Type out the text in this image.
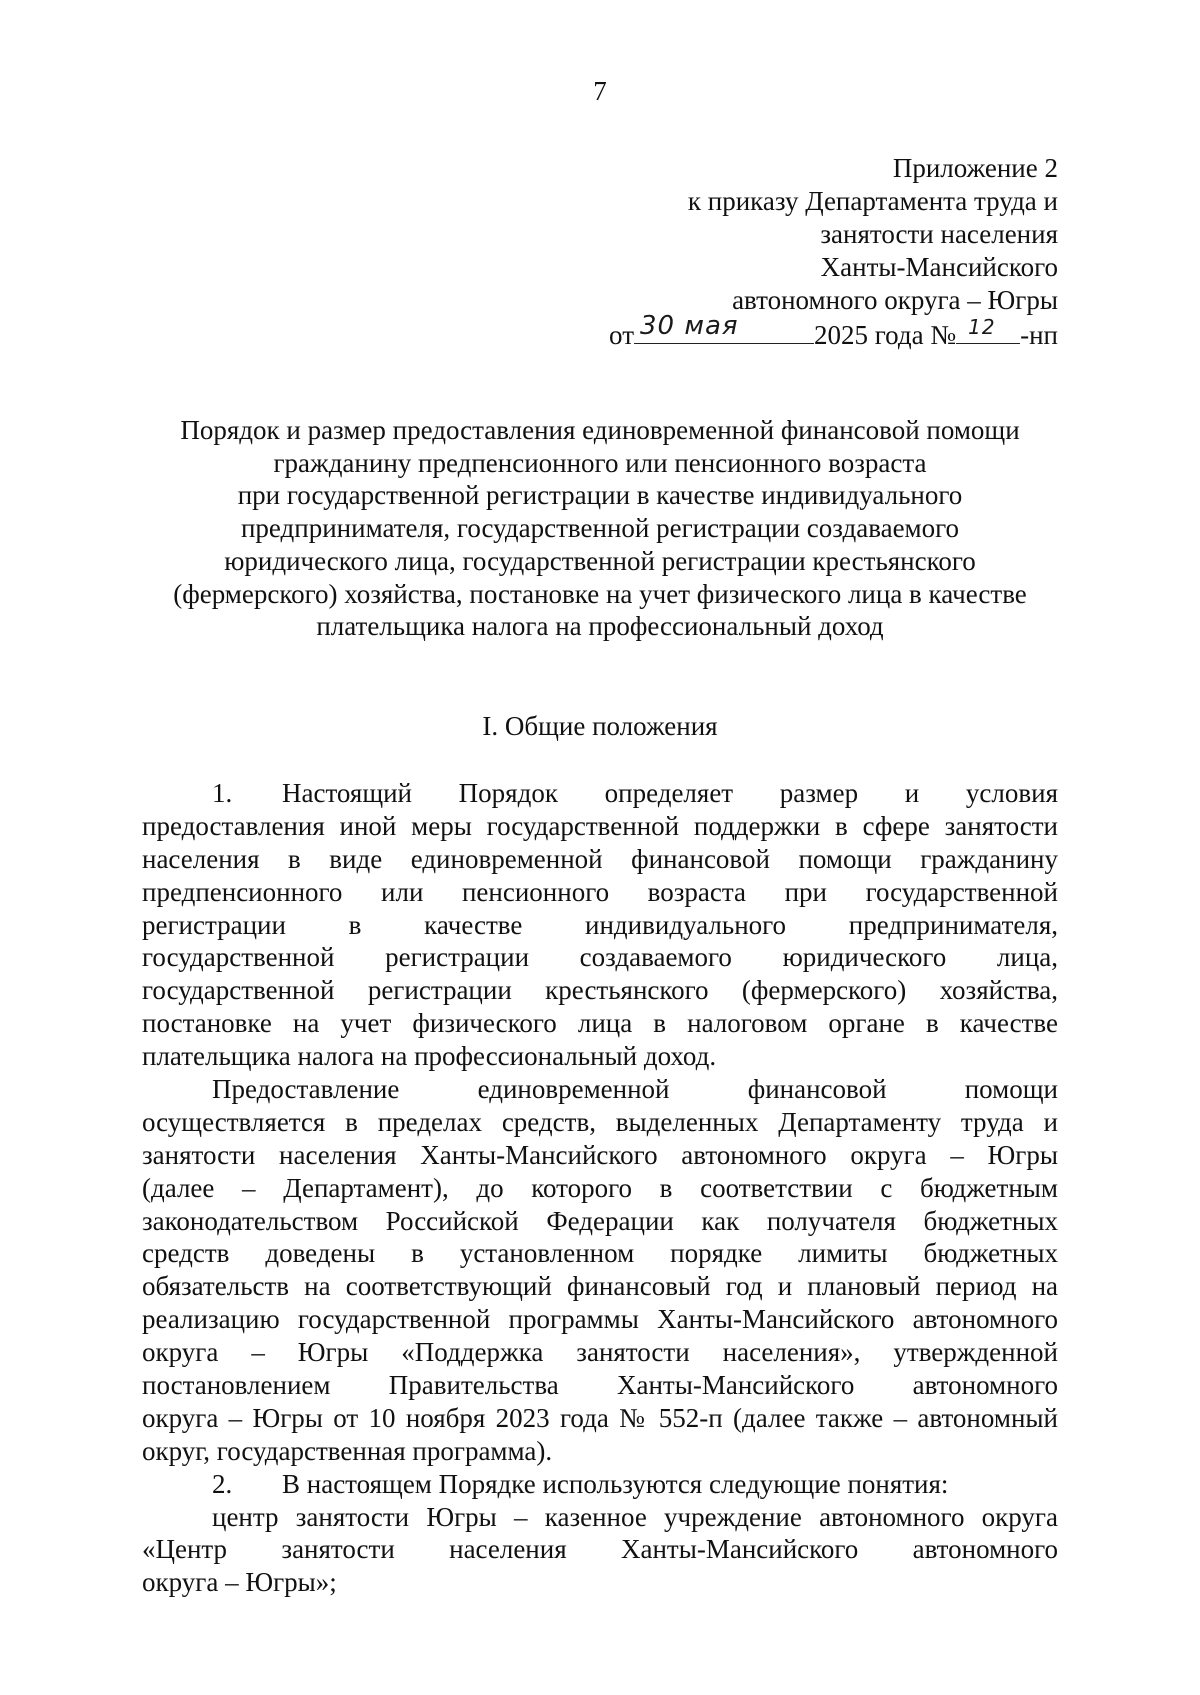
7
Приложение 2
к приказу Департамента труда и
занятости населения
Ханты-Мансийского
автономного округа – Югры
от 30 мая	2025 года № 12 -нп
Порядок и размер предоставления единовременной финансовой помощи
гражданину предпенсионного или пенсионного возраста
при государственной регистрации в качестве индивидуального
предпринимателя, государственной регистрации создаваемого
юридического лица, государственной регистрации крестьянского
(фермерского) хозяйства, постановке на учет физического лица в качестве
плательщика налога на профессиональный доход
I. Общие положения
1. Настоящий Порядок определяет размер и условия
предоставления иной меры государственной поддержки в сфере занятости
населения в виде единовременной финансовой помощи гражданину
предпенсионного или пенсионного возраста при государственной
регистрации в качестве индивидуального предпринимателя,
государственной регистрации создаваемого юридического лица,
государственной регистрации крестьянского (фермерского) хозяйства,
постановке на учет физического лица в налоговом органе в качестве
плательщика налога на профессиональный доход.
Предоставление единовременной финансовой помощи
осуществляется в пределах средств, выделенных Департаменту труда и
занятости населения Ханты-Мансийского автономного округа – Югры
(далее – Департамент), до которого в соответствии с бюджетным
законодательством Российской Федерации как получателя бюджетных
средств доведены в установленном порядке лимиты бюджетных
обязательств на соответствующий финансовый год и плановый период на
реализацию государственной программы Ханты-Мансийского автономного
округа – Югры «Поддержка занятости населения», утвержденной
постановлением Правительства Ханты-Мансийского автономного
округа – Югры от 10 ноября 2023 года № 552-п (далее также – автономный
округ, государственная программа).
2. В настоящем Порядке используются следующие понятия:
центр занятости Югры – казенное учреждение автономного округа
«Центр занятости населения Ханты-Мансийского автономного
округа – Югры»;
